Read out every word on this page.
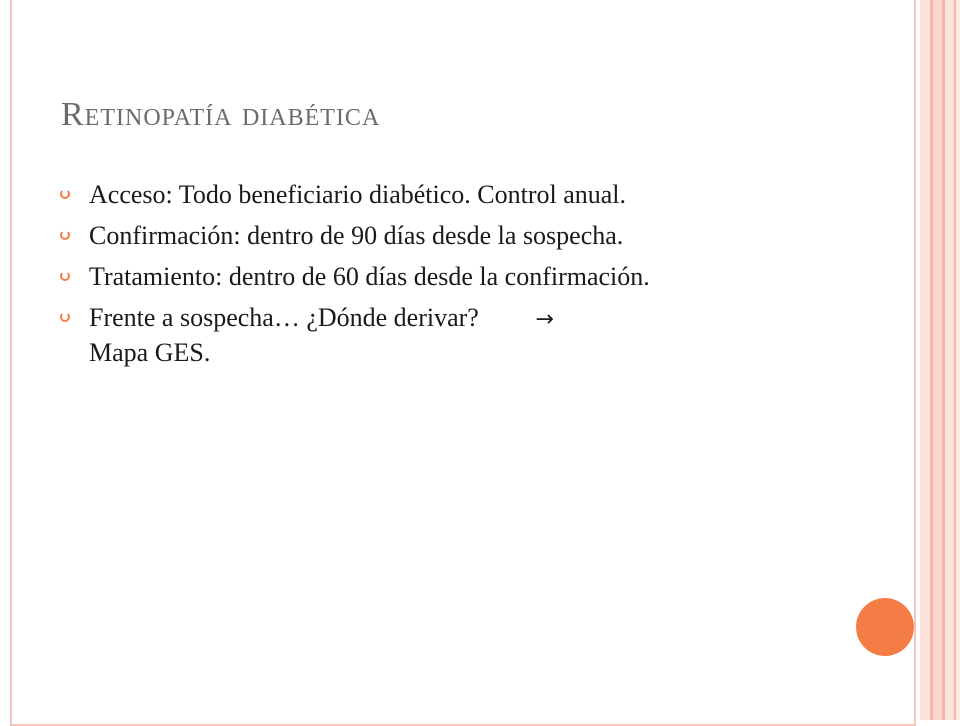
Retinopatía diabética
Acceso: Todo beneficiario diabético. Control anual.
Confirmación: dentro de 90 días desde la sospecha.
Tratamiento: dentro de 60 días desde la confirmación.
Frente a sospecha… ¿Dónde derivar?	→
Mapa GES.
